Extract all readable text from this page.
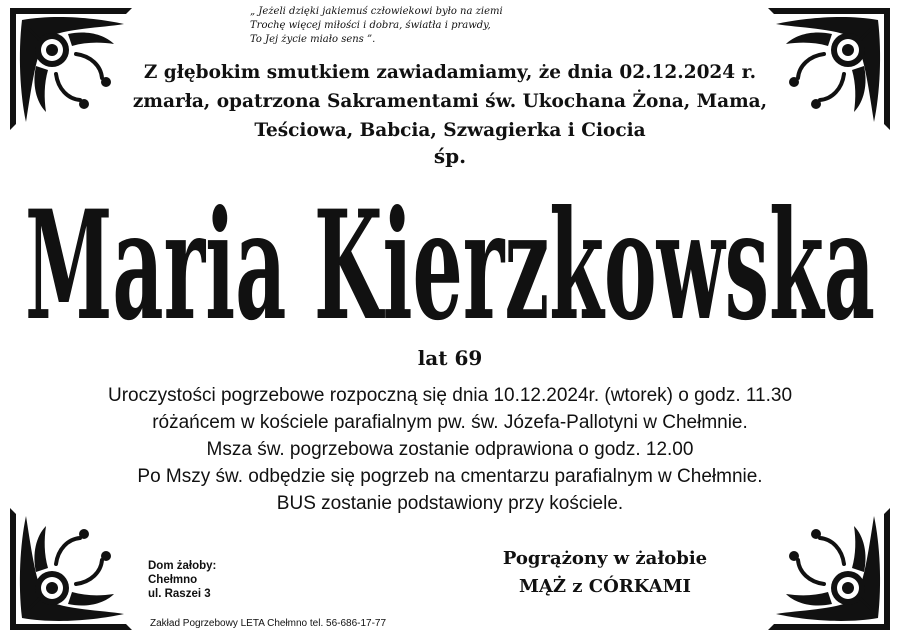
„ Jeżeli dzięki jakiemuś człowiekowi było na ziemi
Trochę więcej miłości i dobra, światła i prawdy,
To Jej życie miało sens ”.
Z głębokim smutkiem zawiadamiamy, że dnia 02.12.2024 r.
zmarła, opatrzona Sakramentami św. Ukochana Żona, Mama,
Teściowa, Babcia, Szwagierka i Ciocia
śp.
Maria Kierzkowska
lat 69
Uroczystości pogrzebowe rozpoczną się dnia 10.12.2024r. (wtorek) o godz. 11.30
różańcem w kościele parafialnym pw. św. Józefa-Pallotyni w Chełmnie.
Msza św. pogrzebowa zostanie odprawiona o godz. 12.00
Po Mszy św. odbędzie się pogrzeb na cmentarzu parafialnym w Chełmnie.
BUS zostanie podstawiony przy kościele.
Dom żałoby:
Chełmno
ul. Raszei 3
Pogrążony w żałobie
MĄŻ z CÓRKAMI
Zakład Pogrzebowy LETA Chełmno tel. 56-686-17-77
